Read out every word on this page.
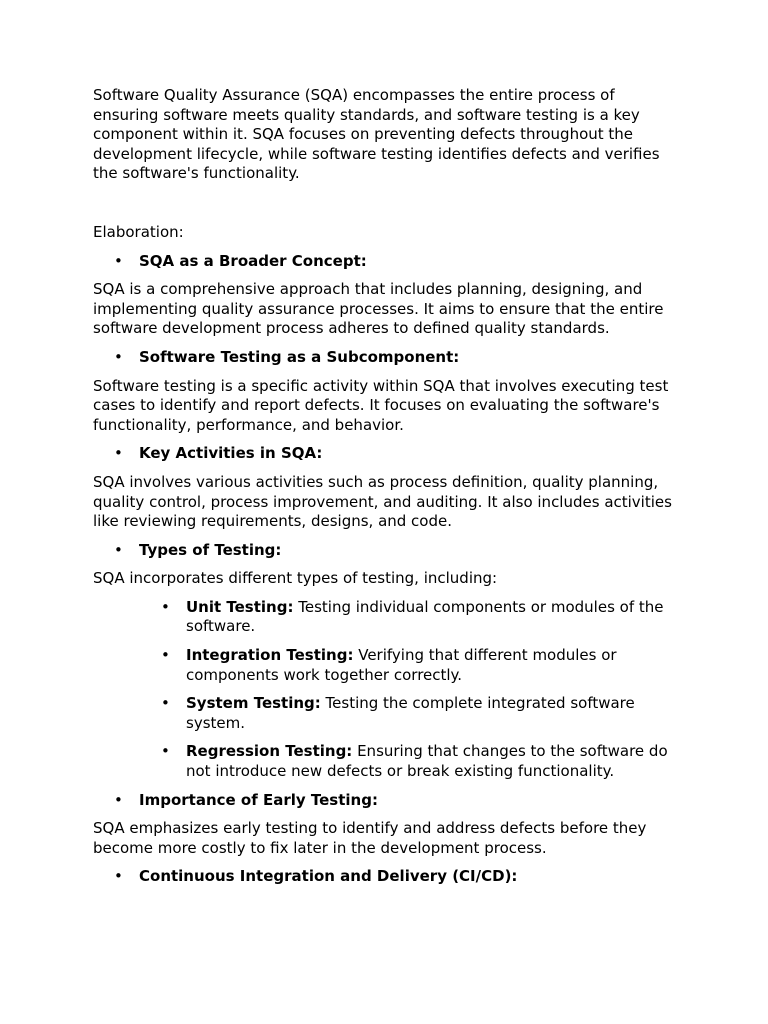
Software Quality Assurance (SQA) encompasses the entire process of ensuring software meets quality standards, and software testing is a key component within it. SQA focuses on preventing defects throughout the development lifecycle, while software testing identifies defects and verifies the software's functionality.

Elaboration:

• SQA as a Broader Concept:

SQA is a comprehensive approach that includes planning, designing, and implementing quality assurance processes. It aims to ensure that the entire software development process adheres to defined quality standards.

• Software Testing as a Subcomponent:

Software testing is a specific activity within SQA that involves executing test cases to identify and report defects. It focuses on evaluating the software's functionality, performance, and behavior.

• Key Activities in SQA:

SQA involves various activities such as process definition, quality planning, quality control, process improvement, and auditing. It also includes activities like reviewing requirements, designs, and code.

• Types of Testing:

SQA incorporates different types of testing, including:

• Unit Testing: Testing individual components or modules of the software.
• Integration Testing: Verifying that different modules or components work together correctly.
• System Testing: Testing the complete integrated software system.
• Regression Testing: Ensuring that changes to the software do not introduce new defects or break existing functionality.
• Importance of Early Testing:

SQA emphasizes early testing to identify and address defects before they become more costly to fix later in the development process.

• Continuous Integration and Delivery (CI/CD):
